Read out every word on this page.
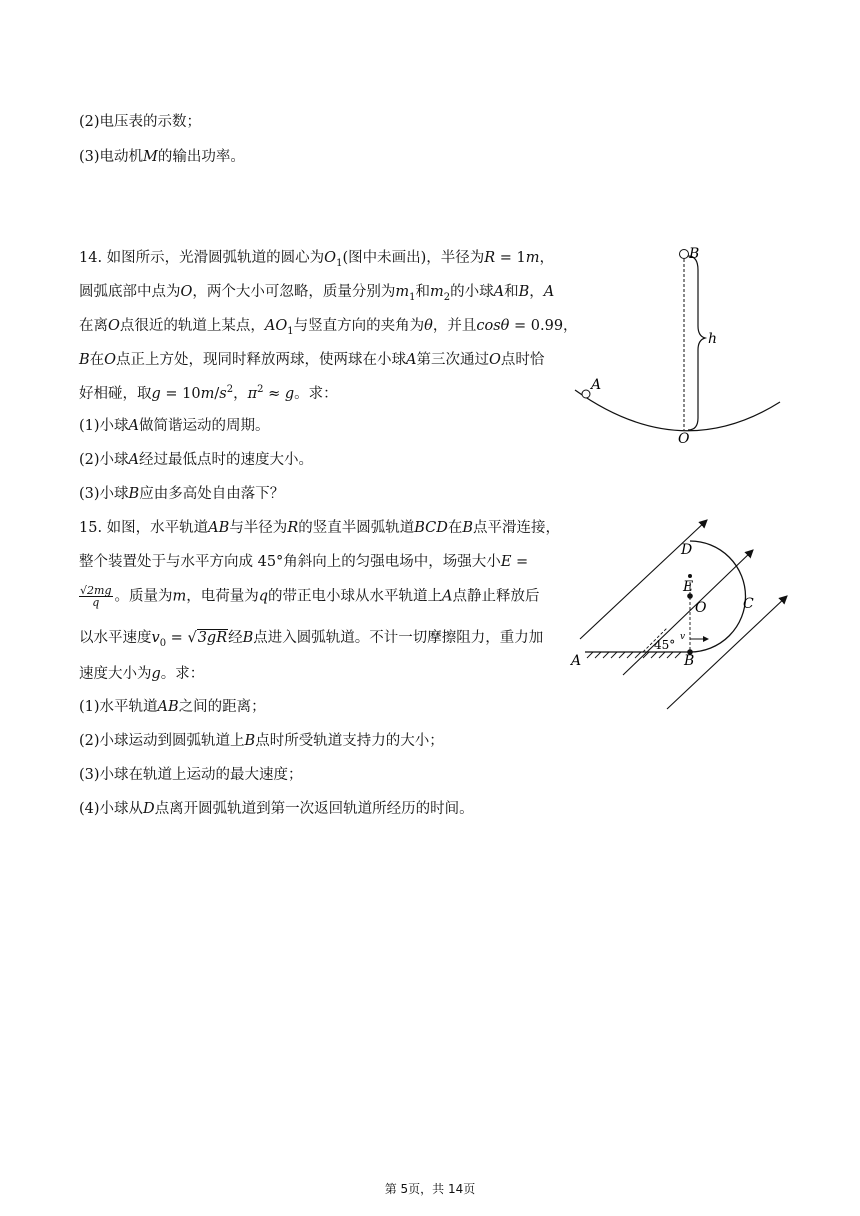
(2)电压表的示数；
(3)电动机M的输出功率。
14. 如图所示，光滑圆弧轨道的圆心为$O_1$(图中未画出)，半径为R = 1m，
圆弧底部中点为O，两个大小可忽略，质量分别为$m_1$和$m_2$的小球A和B，A
在离O点很近的轨道上某点，$AO_1$与竖直方向的夹角为θ，并且cosθ = 0.99，
B在O点正上方处，现同时释放两球，使两球在小球A第三次通过O点时恰
好相碰，取$g = 10m/s^2$，$\pi^2 \approx g$。求：
(1)小球A做简谐运动的周期。
(2)小球A经过最低点时的速度大小。
(3)小球B应由多高处自由落下？
B
h
A
O
15. 如图，水平轨道AB与半径为R的竖直半圆弧轨道BCD在B点平滑连接，
整个装置处于与水平方向成 45°角斜向上的匀强电场中，场强大小E =
$\frac{√2mg}{q}$ 。质量为m，电荷量为q的带正电小球从水平轨道上A点静止释放后
以水平速度$v_0 = √3gR$经B点进入圆弧轨道。不计一切摩擦阻力，重力加
速度大小为g。求：
(1)水平轨道AB之间的距离；
(2)小球运动到圆弧轨道上B点时所受轨道支持力的大小；
(3)小球在轨道上运动的最大速度；
(4)小球从D点离开圆弧轨道到第一次返回轨道所经历的时间。
D
E
O	C
A	B
45°
v
第 5页，共 14页
